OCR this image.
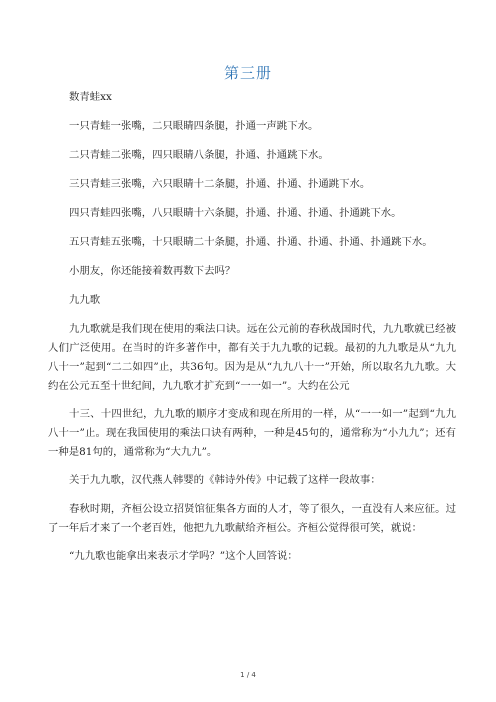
第三册

数青蛙xx

一只青蛙一张嘴，二只眼睛四条腿，扑通一声跳下水。

二只青蛙二张嘴，四只眼睛八条腿，扑通、扑通跳下水。

三只青蛙三张嘴，六只眼睛十二条腿，扑通、扑通、扑通跳下水。

四只青蛙四张嘴，八只眼睛十六条腿，扑通、扑通、扑通、扑通跳下水。

五只青蛙五张嘴，十只眼睛二十条腿，扑通、扑通、扑通、扑通、扑通跳下水。

小朋友，你还能接着数再数下去吗？

九九歌

九九歌就是我们现在使用的乘法口诀。远在公元前的春秋战国时代，九九歌就已经被人们广泛使用。在当时的许多著作中，都有关于九九歌的记载。最初的九九歌是从“九九八十一”起到“二二如四”止，共36句。因为是从“九九八十一”开始，所以取名九九歌。大约在公元五至十世纪间，九九歌才扩充到“一一如一”。大约在公元

十三、十四世纪，九九歌的顺序才变成和现在所用的一样，从“一一如一”起到“九九八十一”止。现在我国使用的乘法口诀有两种，一种是45句的，通常称为“小九九”；还有一种是81句的，通常称为“大九九”。

关于九九歌，汉代燕人韩婴的《韩诗外传》中记载了这样一段故事：

春秋时期，齐桓公设立招贤馆征集各方面的人才，等了很久，一直没有人来应征。过了一年后才来了一个老百姓，他把九九歌献给齐桓公。齐桓公觉得很可笑，就说：

“九九歌也能拿出来表示才学吗？”这个人回答说：

1 / 4
